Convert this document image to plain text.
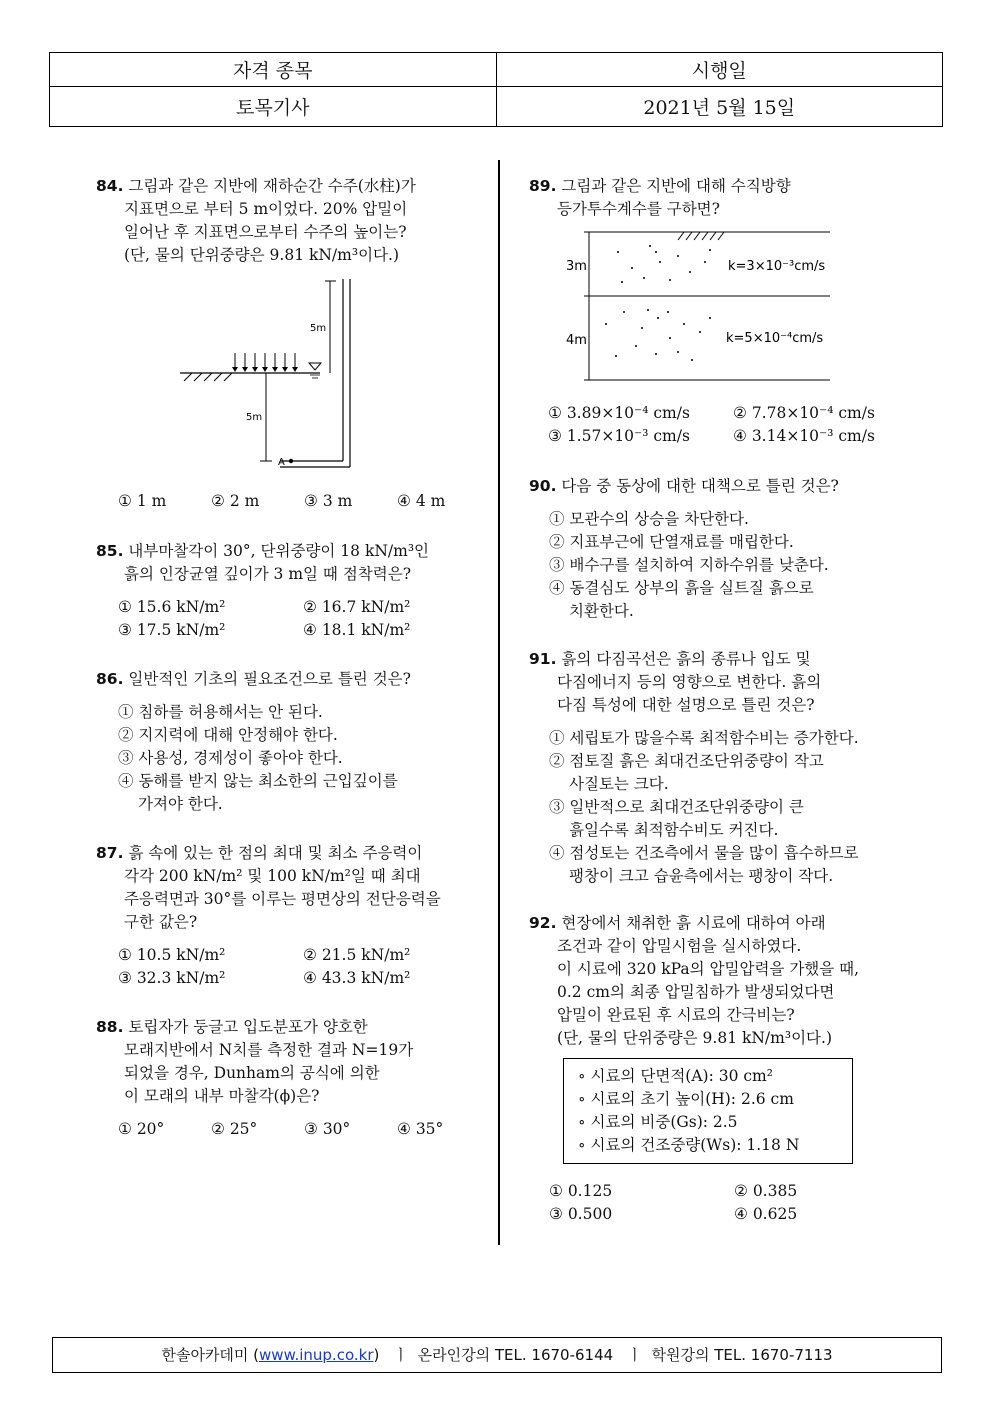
자격 종목	시행일
토목기사	2021년 5월 15일
84. 그림과 같은 지반에 재하순간 수주(水柱)가
지표면으로 부터 5 m이었다. 20% 압밀이
일어난 후 지표면으로부터 수주의 높이는?
(단, 물의 단위중량은 9.81 kN/m³이다.)
5m
5m
A
① 1 m	② 2 m	③ 3 m	④ 4 m
85. 내부마찰각이 30°, 단위중량이 18 kN/m³인
흙의 인장균열 깊이가 3 m일 때 점착력은?
① 15.6 kN/m²	② 16.7 kN/m²
③ 17.5 kN/m²	④ 18.1 kN/m²
86. 일반적인 기초의 필요조건으로 틀린 것은?
① 침하를 허용해서는 안 된다.
② 지지력에 대해 안정해야 한다.
③ 사용성, 경제성이 좋아야 한다.
④ 동해를 받지 않는 최소한의 근입깊이를
가져야 한다.
87. 흙 속에 있는 한 점의 최대 및 최소 주응력이
각각 200 kN/m² 및 100 kN/m²일 때 최대
주응력면과 30°를 이루는 평면상의 전단응력을
구한 값은?
① 10.5 kN/m²	② 21.5 kN/m²
③ 32.3 kN/m²	④ 43.3 kN/m²
88. 토립자가 둥글고 입도분포가 양호한
모래지반에서 N치를 측정한 결과 N=19가
되었을 경우, Dunham의 공식에 의한
이 모래의 내부 마찰각(ϕ)은?
① 20°	② 25°	③ 30°	④ 35°
89. 그림과 같은 지반에 대해 수직방향
등가투수계수를 구하면?
3m	k=3×10⁻³cm/s
4m	k=5×10⁻⁴cm/s
① 3.89×10⁻⁴ cm/s	② 7.78×10⁻⁴ cm/s
③ 1.57×10⁻³ cm/s	④ 3.14×10⁻³ cm/s
90. 다음 중 동상에 대한 대책으로 틀린 것은?
① 모관수의 상승을 차단한다.
② 지표부근에 단열재료를 매립한다.
③ 배수구를 설치하여 지하수위를 낮춘다.
④ 동결심도 상부의 흙을 실트질 흙으로
치환한다.
91. 흙의 다짐곡선은 흙의 종류나 입도 및
다짐에너지 등의 영향으로 변한다. 흙의
다짐 특성에 대한 설명으로 틀린 것은?
① 세립토가 많을수록 최적함수비는 증가한다.
② 점토질 흙은 최대건조단위중량이 작고
사질토는 크다.
③ 일반적으로 최대건조단위중량이 큰
흙일수록 최적함수비도 커진다.
④ 점성토는 건조측에서 물을 많이 흡수하므로
팽창이 크고 습윤측에서는 팽창이 작다.
92. 현장에서 채취한 흙 시료에 대하여 아래
조건과 같이 압밀시험을 실시하였다.
이 시료에 320 kPa의 압밀압력을 가했을 때,
0.2 cm의 최종 압밀침하가 발생되었다면
압밀이 완료된 후 시료의 간극비는?
(단, 물의 단위중량은 9.81 kN/m³이다.)
∘ 시료의 단면적(A): 30 cm²
∘ 시료의 초기 높이(H): 2.6 cm
∘ 시료의 비중(Gs): 2.5
∘ 시료의 건조중량(Ws): 1.18 N
① 0.125	② 0.385
③ 0.500	④ 0.625
한솔아카데미 (www.inup.co.kr)   ㅣ  온라인강의 TEL. 1670-6144   ㅣ  학원강의 TEL. 1670-7113
